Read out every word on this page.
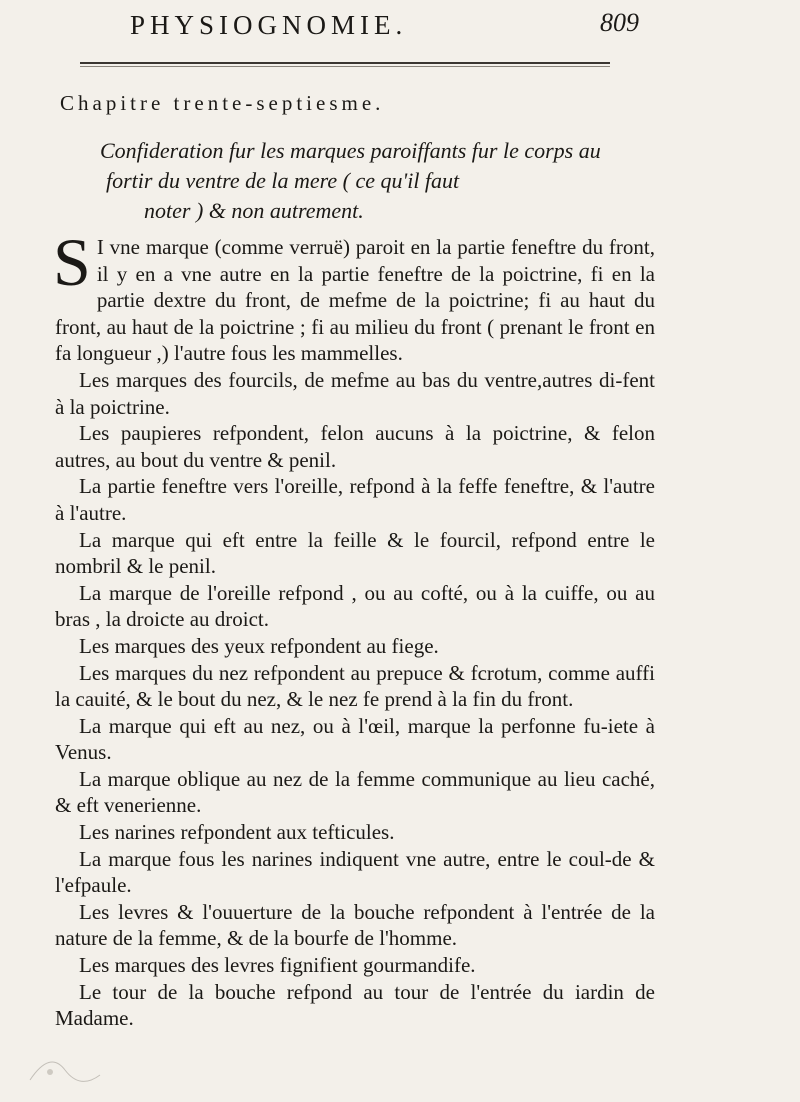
PHYSIOGNOMIE.	809
Chapitre trente-septiesme.
Confideration fur les marques paroiffants fur le corps au
fortir du ventre de la mere ( ce qu'il faut
noter ) & non autrement.

S I vne marque (comme verruë) paroit en la partie feneftre du front, il y en a vne autre en la partie feneftre de la poictrine, fi en la partie dextre du front, de mefme de la poictrine; fi au haut du front, au haut de la poictrine ; fi au milieu du front ( prenant le front en fa longueur ,) l'autre fous les mammelles.

Les marques des fourcils, de mefme au bas du ventre,autres di-fent à la poictrine.

Les paupieres refpondent, felon aucuns à la poictrine, & felon autres, au bout du ventre & penil.

La partie feneftre vers l'oreille, refpond à la feffe feneftre, & l'autre à l'autre.

La marque qui eft entre la feille & le fourcil, refpond entre le nombril & le penil.

La marque de l'oreille refpond , ou au cofté, ou à la cuiffe, ou au bras , la droicte au droict.

Les marques des yeux refpondent au fiege.

Les marques du nez refpondent au prepuce & fcrotum, comme auffi la cauité, & le bout du nez, & le nez fe prend à la fin du front.

La marque qui eft au nez, ou à l'œil, marque la perfonne fu-iete à Venus.

La marque oblique au nez de la femme communique au lieu caché, & eft venerienne.

Les narines refpondent aux tefticules.

La marque fous les narines indiquent vne autre, entre le coul-de & l'efpaule.

Les levres & l'ouuerture de la bouche refpondent à l'entrée de la nature de la femme, & de la bourfe de l'homme.

Les marques des levres fignifient gourmandife.

Le tour de la bouche refpond au tour de l'entrée du iardin de Madame.
